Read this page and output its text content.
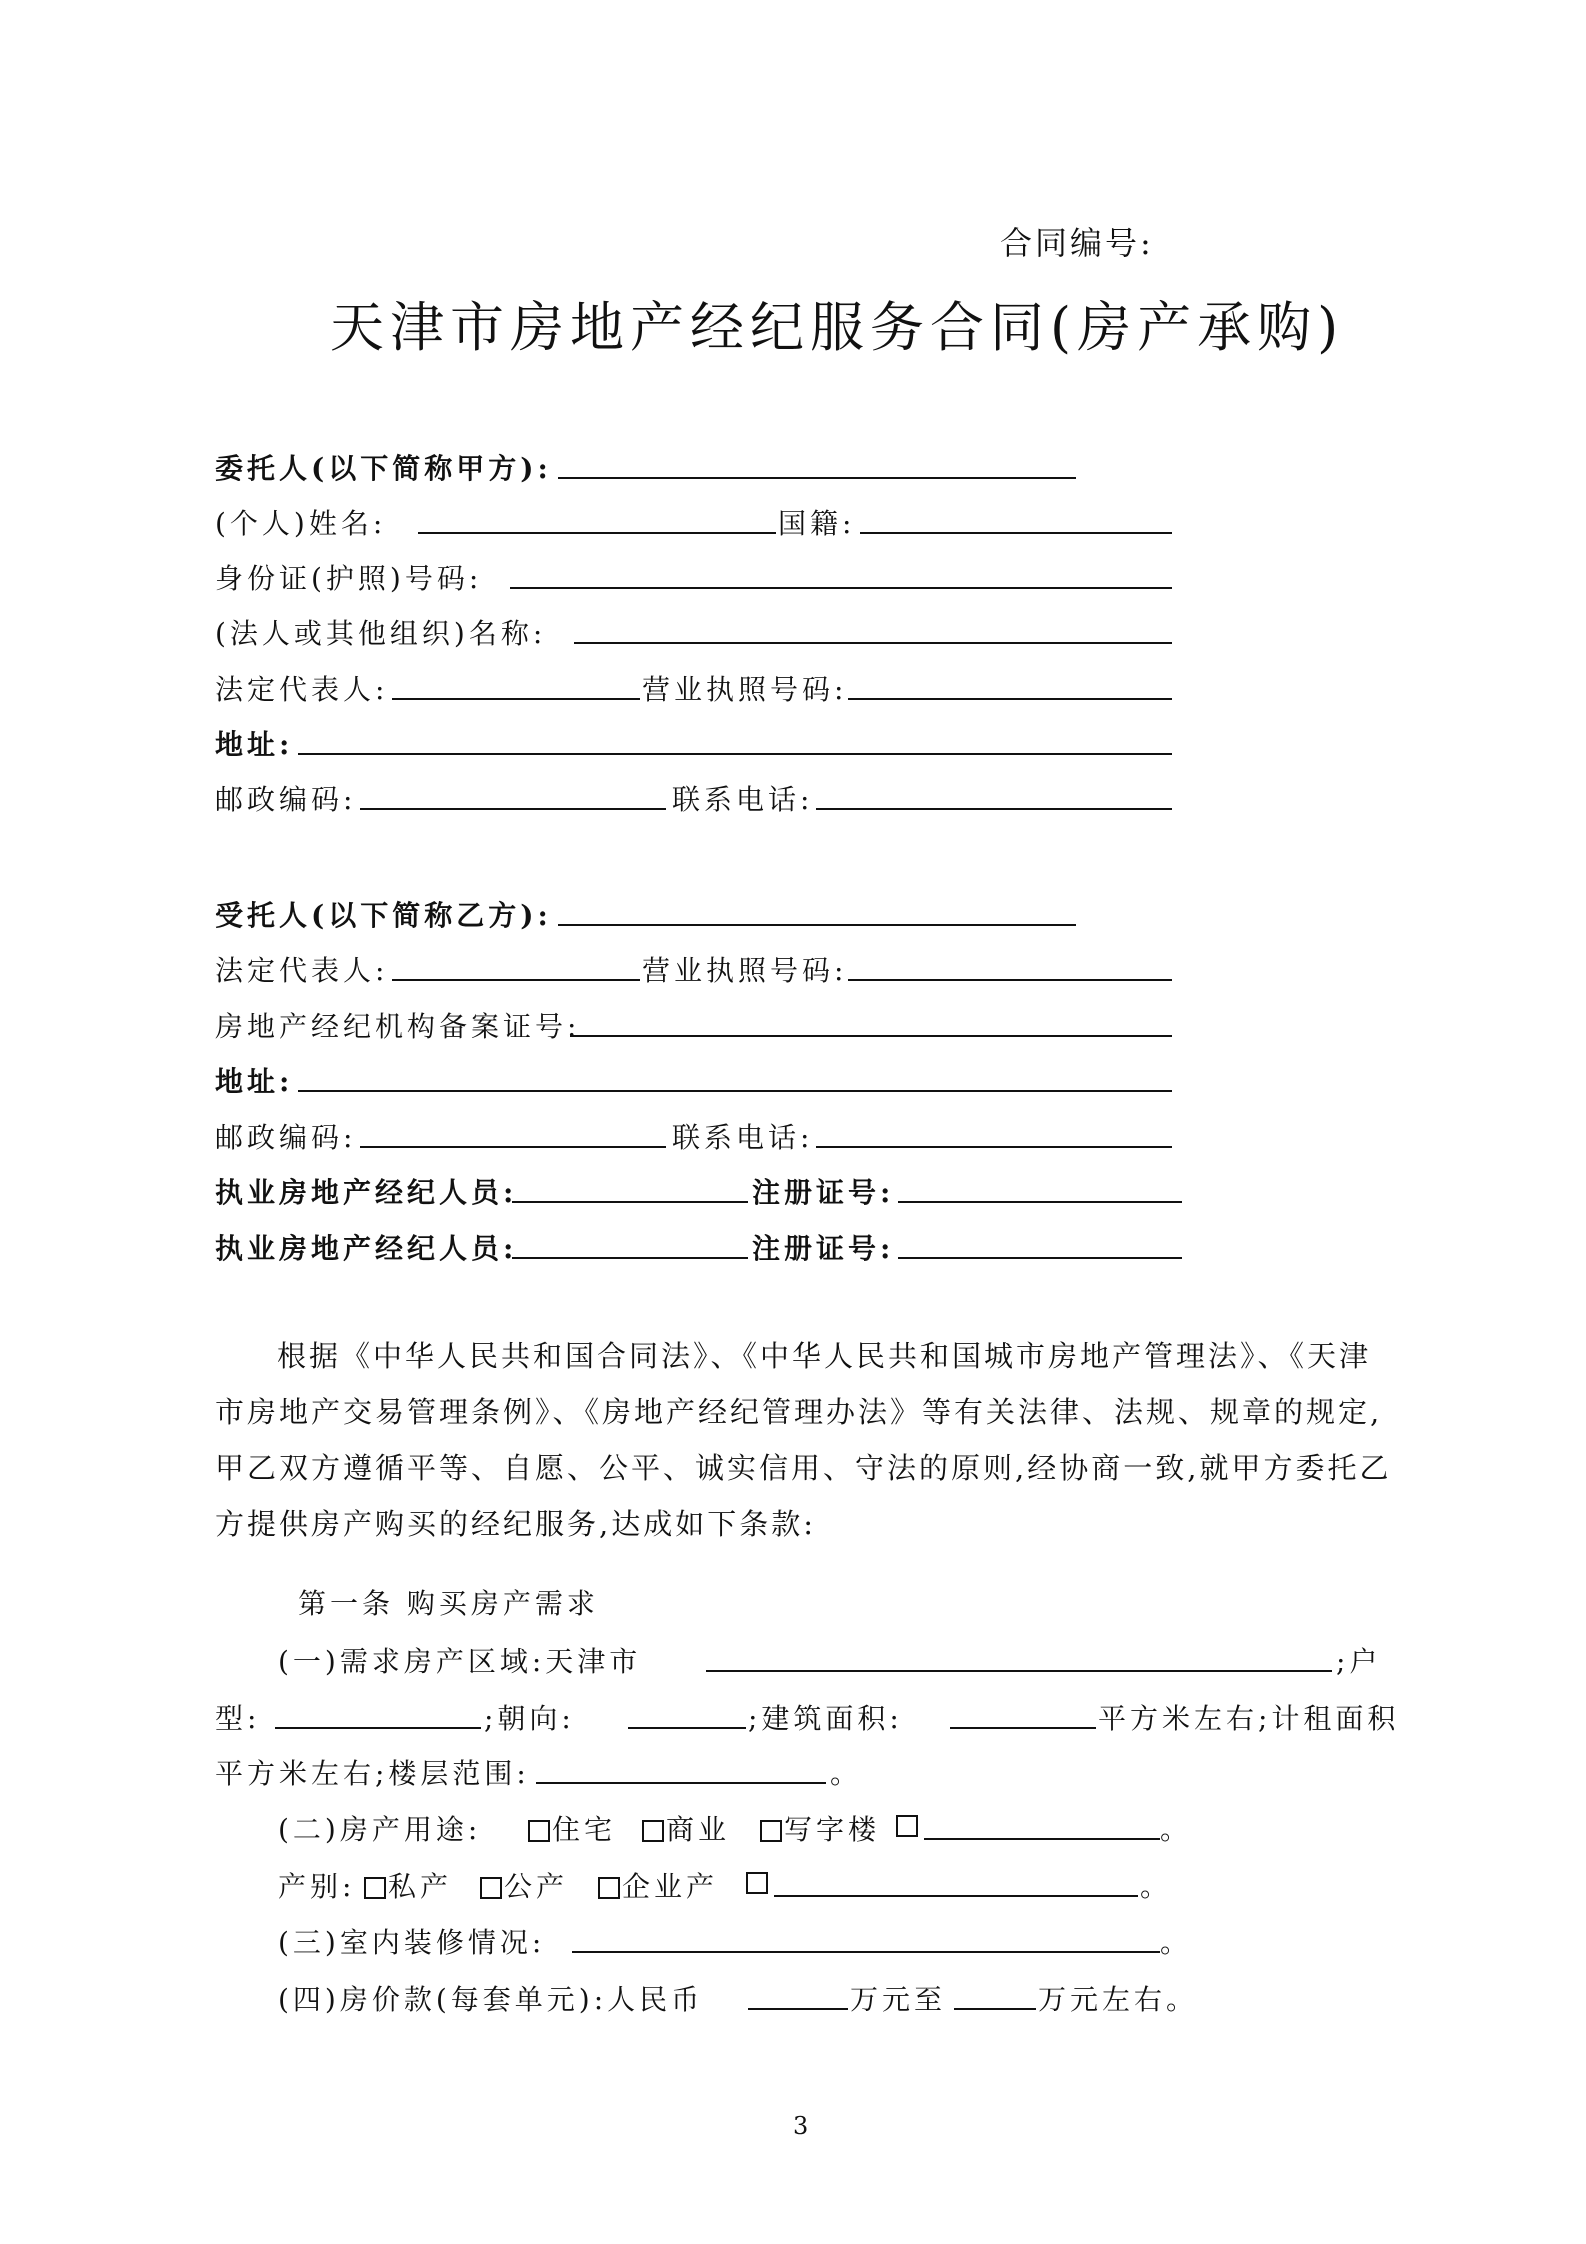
合同编号:
天津市房地产经纪服务合同(房产承购)
委托人(以下简称甲方):
(个人)姓名:	国籍:
身份证(护照)号码:
(法人或其他组织)名称:
法定代表人:	营业执照号码:
地址:
邮政编码:	联系电话:
受托人(以下简称乙方):
法定代表人:	营业执照号码:
房地产经纪机构备案证号:
地址:
邮政编码:	联系电话:
执业房地产经纪人员:	注册证号:
执业房地产经纪人员:	注册证号:

根据《中华人民共和国合同法》、《中华人民共和国城市房地产管理法》、《天津市房地产交易管理条例》、《房地产经纪管理办法》等有关法律、法规、规章的规定,甲乙双方遵循平等、自愿、公平、诚实信用、守法的原则,经协商一致,就甲方委托乙方提供房产购买的经纪服务,达成如下条款:

第一条 购买房产需求
(一)需求房产区域:天津市	;户
型:	;朝向:	;建筑面积:	平方米左右;计租面积
平方米左右;楼层范围:	。
(二)房产用途:	住宅	商业	写字楼	。
产别:	私产	公产	企业产	。
(三)室内装修情况:	。
(四)房价款(每套单元):人民币	万元至	万元左右。
3
